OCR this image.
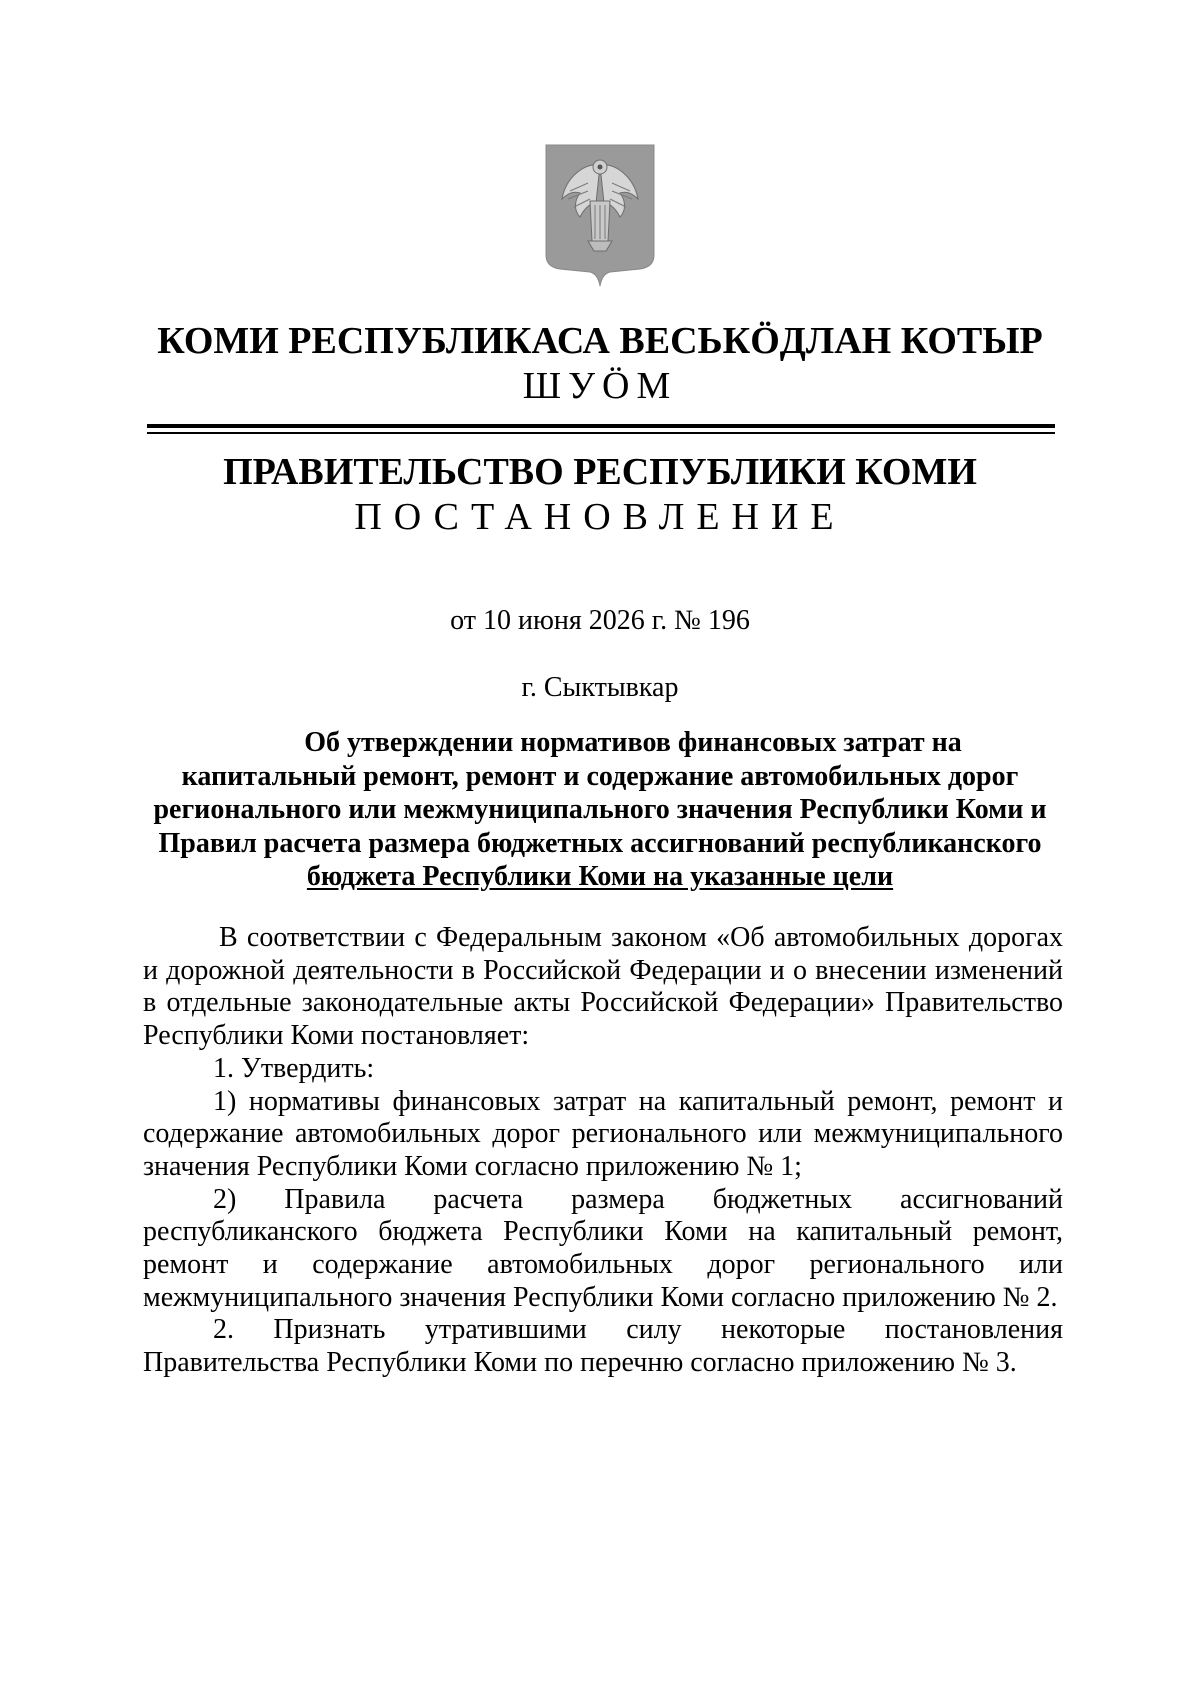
КОМИ РЕСПУБЛИКАСА ВЕСЬКӦДЛАН КОТЫР
ШУӦМ
ПРАВИТЕЛЬСТВО РЕСПУБЛИКИ КОМИ
ПОСТАНОВЛЕНИЕ
от 10 июня 2026 г. № 196
г. Сыктывкар
Об утверждении нормативов финансовых затрат на
капитальный ремонт, ремонт и содержание автомобильных дорог
регионального или межмуниципального значения Республики Коми и
Правил расчета размера бюджетных ассигнований республиканского
бюджета Республики Коми на указанные цели

В соответствии с Федеральным законом «Об автомобильных дорогах и дорожной деятельности в Российской Федерации и о внесении изменений в отдельные законодательные акты Российской Федерации» Правительство Республики Коми постановляет:

1. Утвердить:

1) нормативы финансовых затрат на капитальный ремонт, ремонт и содержание автомобильных дорог регионального или межмуниципального значения Республики Коми согласно приложению № 1;

2) Правила расчета размера бюджетных ассигнований республиканского бюджета Республики Коми на капитальный ремонт, ремонт и содержание автомобильных дорог регионального или межмуниципального значения Республики Коми согласно приложению № 2.

2. Признать утратившими силу некоторые постановления Правительства Республики Коми по перечню согласно приложению № 3.
